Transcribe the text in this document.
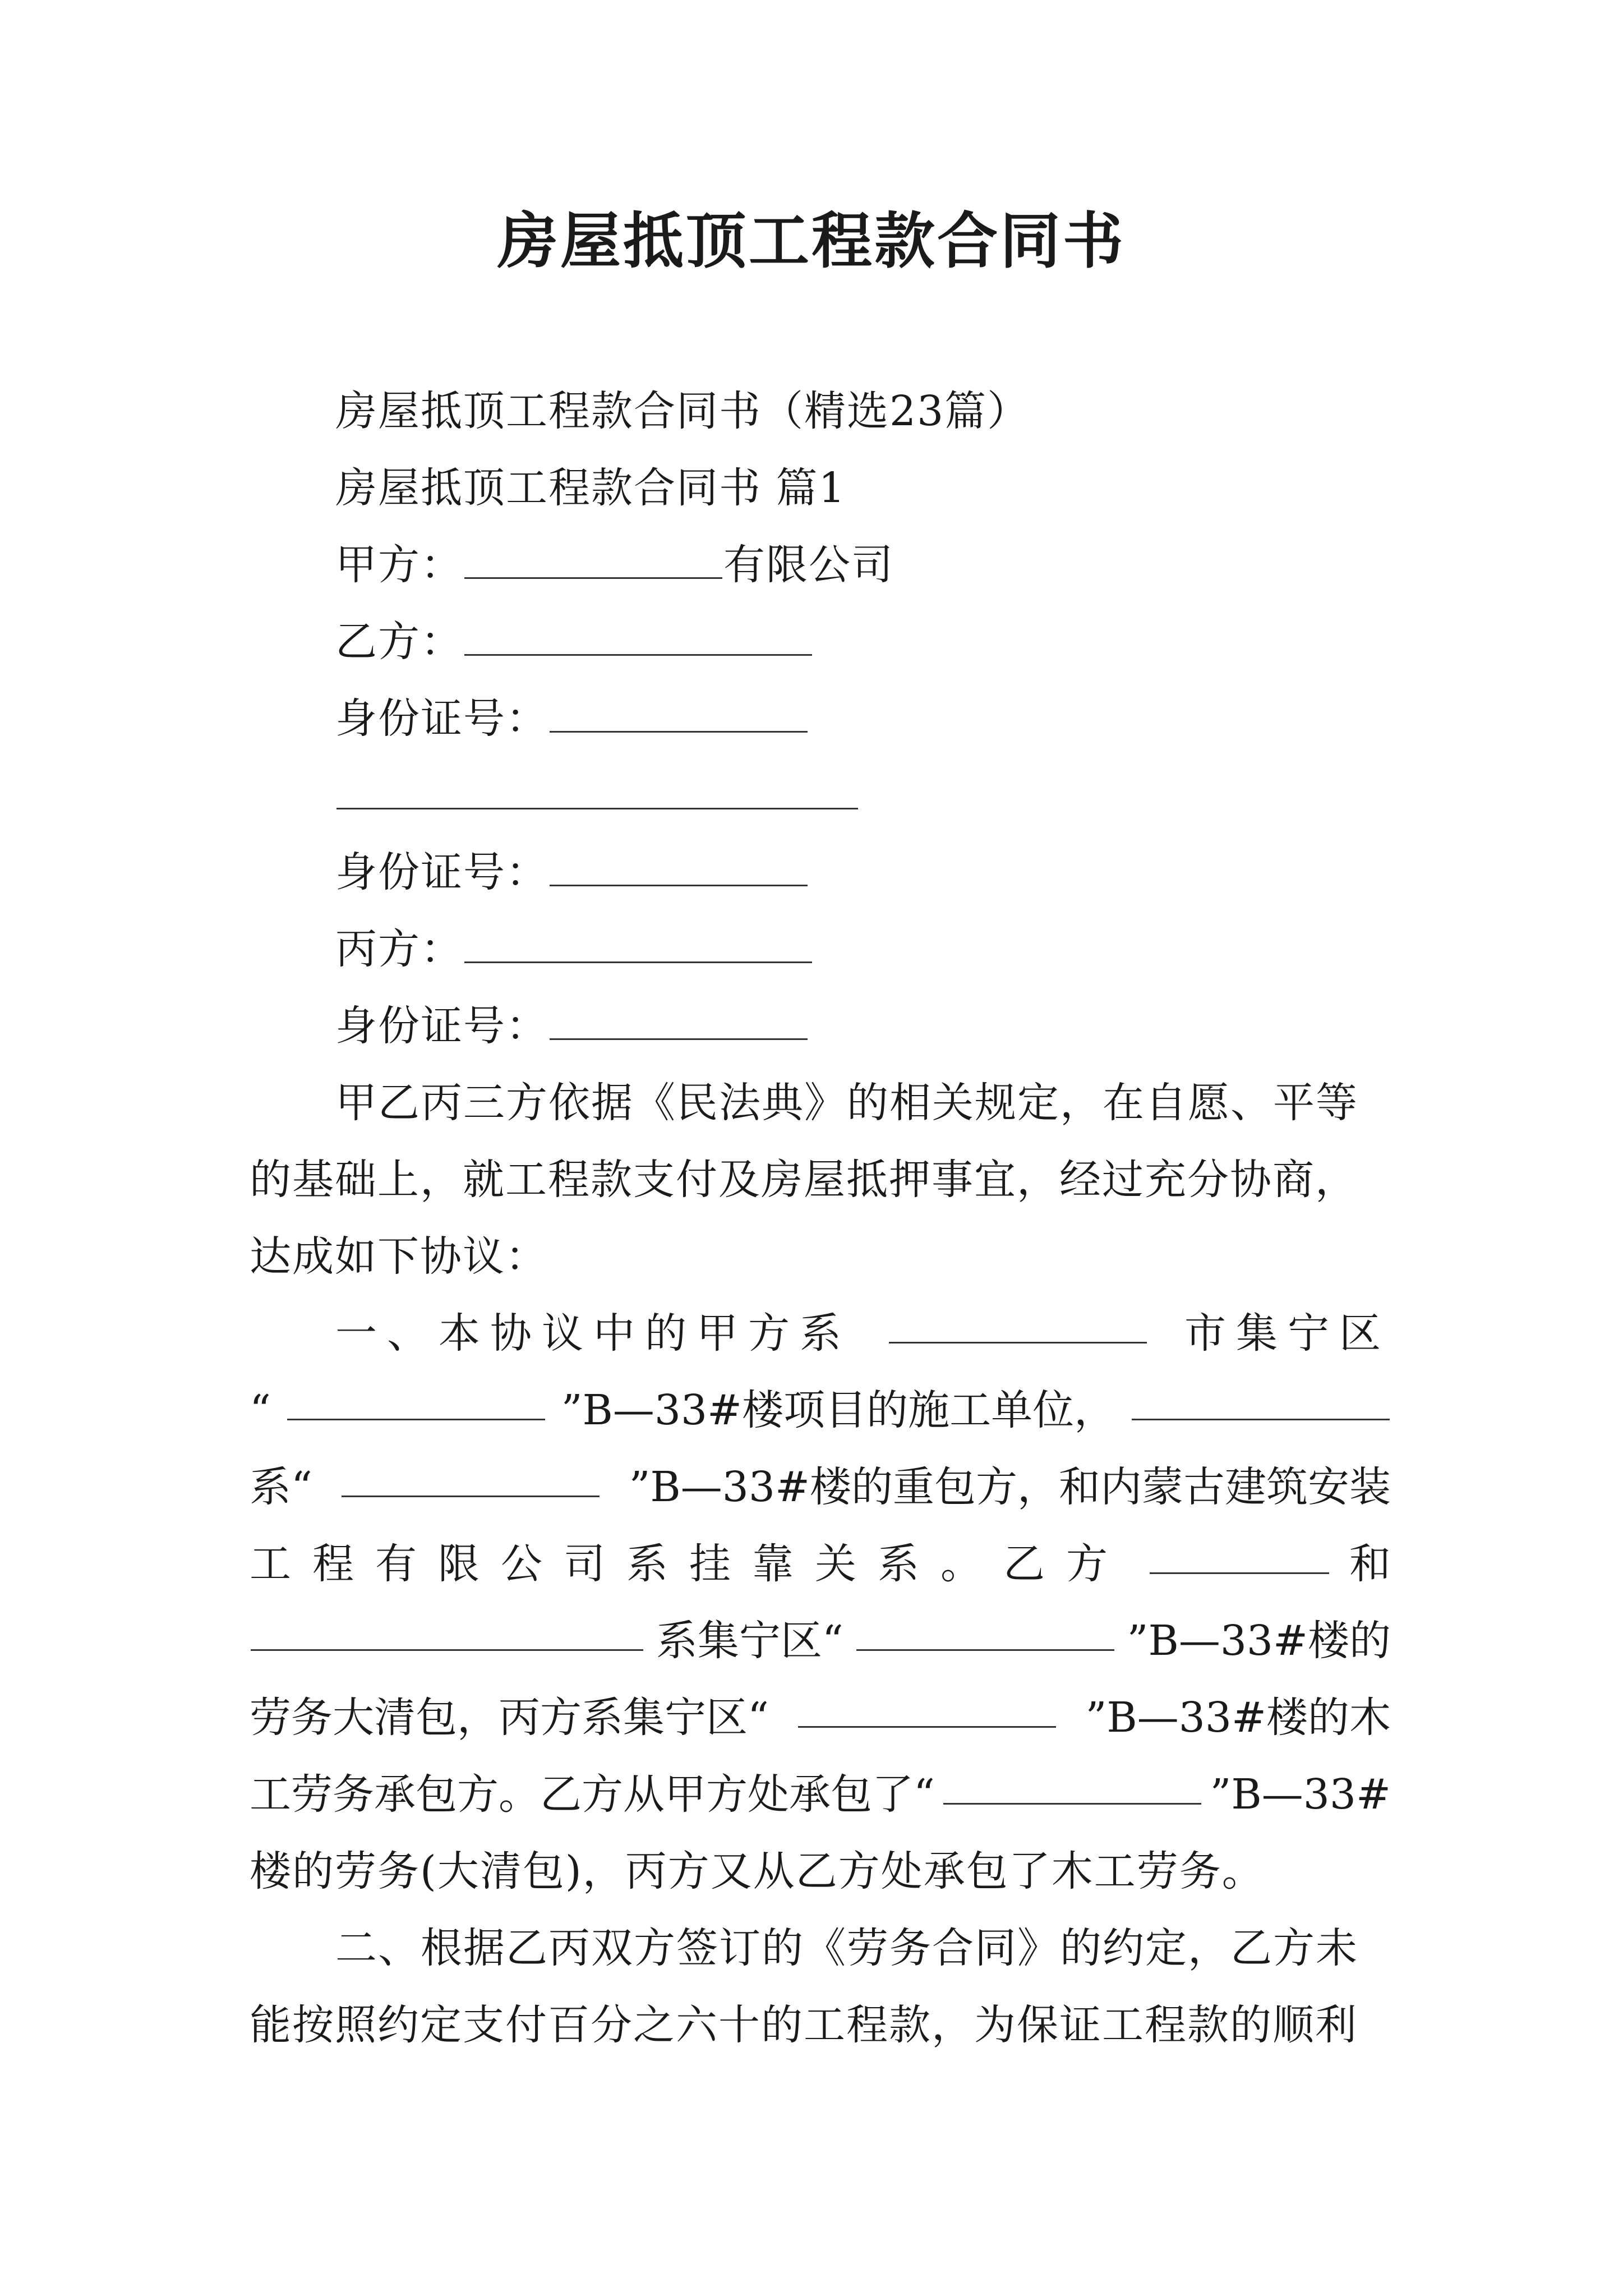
房屋抵顶工程款合同书
房屋抵顶工程款合同书（精选23篇）
房屋抵顶工程款合同书 篇1
甲方：	有限公司
乙方：
身份证号：
身份证号：
丙方：
身份证号：
甲乙丙三方依据《民法典》的相关规定，在自愿、平等
的基础上，就工程款支付及房屋抵押事宜，经过充分协商，
达成如下协议：
一、本协议中的甲方系	市集宁区
“	”B—33#楼项目的施工单位，
系“	”B—33#楼的重包方，和内蒙古建筑安装
工程有限公司系挂靠关系。乙方	和
系集宁区“	”B—33#楼的
劳务大清包，丙方系集宁区“	”B—33#楼的木
工劳务承包方。乙方从甲方处承包了“	”B—33#
楼的劳务(大清包)，丙方又从乙方处承包了木工劳务。
二、根据乙丙双方签订的《劳务合同》的约定，乙方未
能按照约定支付百分之六十的工程款，为保证工程款的顺利
